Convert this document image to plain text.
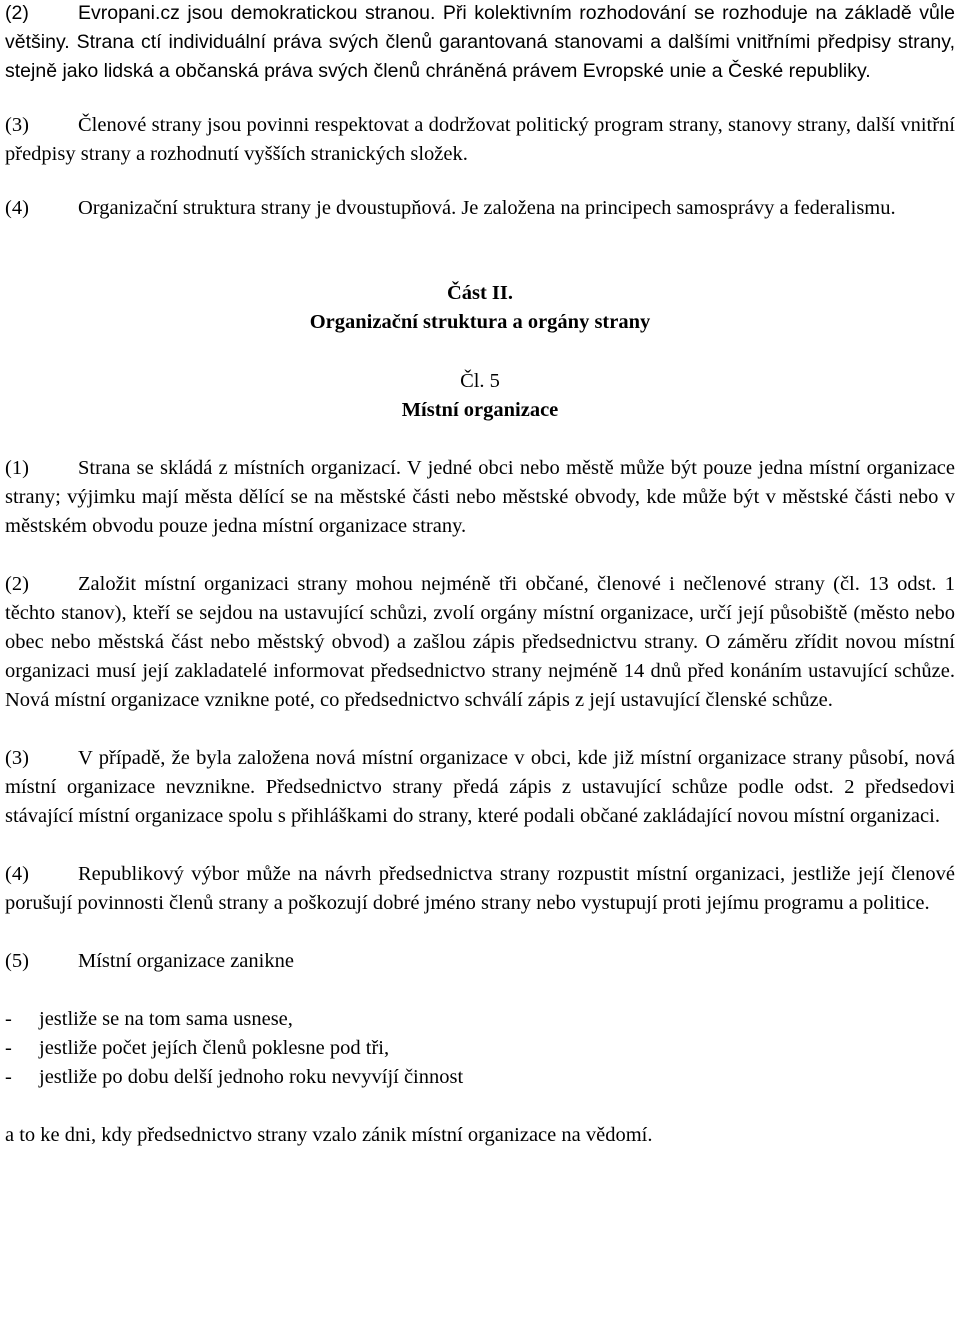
(2)	Evropani.cz jsou demokratickou stranou. Při kolektivním rozhodování se rozhoduje na základě vůle většiny. Strana ctí individuální práva svých členů garantovaná stanovami a dalšími vnitřními předpisy strany, stejně jako lidská a občanská práva svých členů chráněná právem Evropské unie a České republiky.

(3) Členové strany jsou povinni respektovat a dodržovat politický program strany, stanovy strany, další vnitřní předpisy strany a rozhodnutí vyšších stranických složek.

(4) Organizační struktura strany je dvoustupňová. Je založena na principech samosprávy a federalismu.

Část II.

Organizační struktura a orgány strany

Čl. 5

Místní organizace

(1) Strana se skládá z místních organizací. V jedné obci nebo městě může být pouze jedna místní organizace strany; výjimku mají města dělící se na městské části nebo městské obvody, kde může být v městské části nebo v městském obvodu pouze jedna místní organizace strany.

(2) Založit místní organizaci strany mohou nejméně tři občané, členové i nečlenové strany (čl. 13 odst. 1 těchto stanov), kteří se sejdou na ustavující schůzi, zvolí orgány místní organizace, určí její působiště (město nebo obec nebo městská část nebo městský obvod) a zašlou zápis předsednictvu strany. O záměru zřídit novou místní organizaci musí její zakladatelé informovat předsednictvo strany nejméně 14 dnů před konáním ustavující schůze. Nová místní organizace vznikne poté, co předsednictvo schválí zápis z její ustavující členské schůze.

(3) V případě, že byla založena nová místní organizace v obci, kde již místní organizace strany působí, nová místní organizace nevznikne. Předsednictvo strany předá zápis z ustavující schůze podle odst. 2 předsedovi stávající místní organizace spolu s přihláškami do strany, které podali občané zakládající novou místní organizaci.

(4) Republikový výbor může na návrh předsednictva strany rozpustit místní organizaci, jestliže její členové porušují povinnosti členů strany a poškozují dobré jméno strany nebo vystupují proti jejímu programu a politice.

(5) Místní organizace zanikne

- jestliže se na tom sama usnese,
- jestliže počet jejích členů poklesne pod tři,
- jestliže po dobu delší jednoho roku nevyvíjí činnost

a to ke dni, kdy předsednictvo strany vzalo zánik místní organizace na vědomí.
